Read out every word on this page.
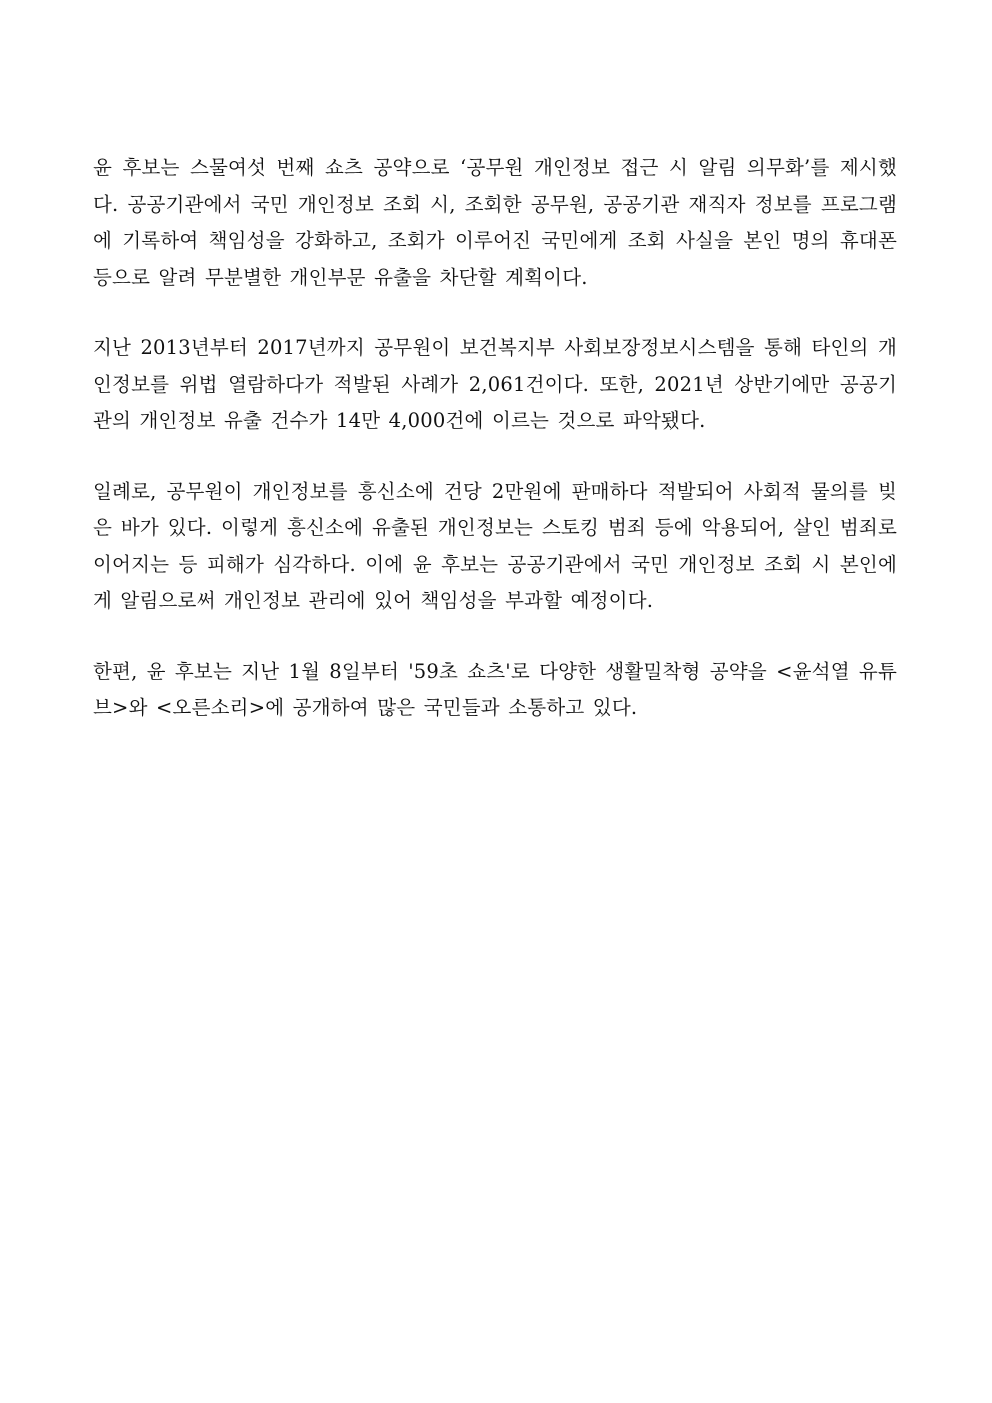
윤 후보는 스물여섯 번째 쇼츠 공약으로 ‘공무원 개인정보 접근 시 알림 의무화’를 제시했다. 공공기관에서 국민 개인정보 조회 시, 조회한 공무원, 공공기관 재직자 정보를 프로그램에 기록하여 책임성을 강화하고, 조회가 이루어진 국민에게 조회 사실을 본인 명의 휴대폰 등으로 알려 무분별한 개인부문 유출을 차단할 계획이다.

지난 2013년부터 2017년까지 공무원이 보건복지부 사회보장정보시스템을 통해 타인의 개인정보를 위법 열람하다가 적발된 사례가 2,061건이다. 또한, 2021년 상반기에만 공공기관의 개인정보 유출 건수가 14만 4,000건에 이르는 것으로 파악됐다.

일례로, 공무원이 개인정보를 흥신소에 건당 2만원에 판매하다 적발되어 사회적 물의를 빚은 바가 있다. 이렇게 흥신소에 유출된 개인정보는 스토킹 범죄 등에 악용되어, 살인 범죄로 이어지는 등 피해가 심각하다. 이에 윤 후보는 공공기관에서 국민 개인정보 조회 시 본인에게 알림으로써 개인정보 관리에 있어 책임성을 부과할 예정이다.

한편, 윤 후보는 지난 1월 8일부터 '59초 쇼츠'로 다양한 생활밀착형 공약을 <윤석열 유튜브>와 <오른소리>에 공개하여 많은 국민들과 소통하고 있다.
